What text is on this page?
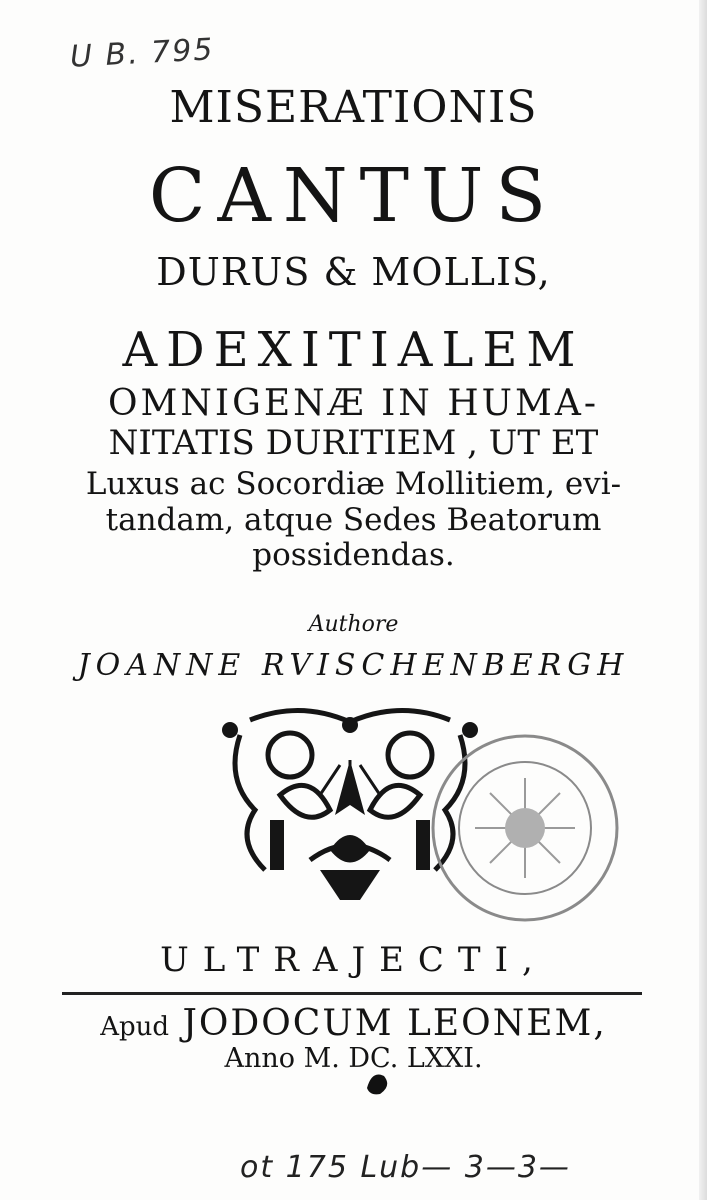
U B. 795
MISERATIONIS
CANTUS
DURUS & MOLLIS,
ADEXITIALEM
OMNIGENÆ IN HUMA-
NITATIS DURITIEM , UT ET
Luxus ac Socordiæ Mollitiem, evi-
tandam, atque Sedes Beatorum
possidendas.
Authore
JOANNE RVISCHENBERGH
ULTRAJECTI,
Apud JODOCUM LEONEM,
Anno M. DC. LXXI.
ot 175 Lub— 3—3—
